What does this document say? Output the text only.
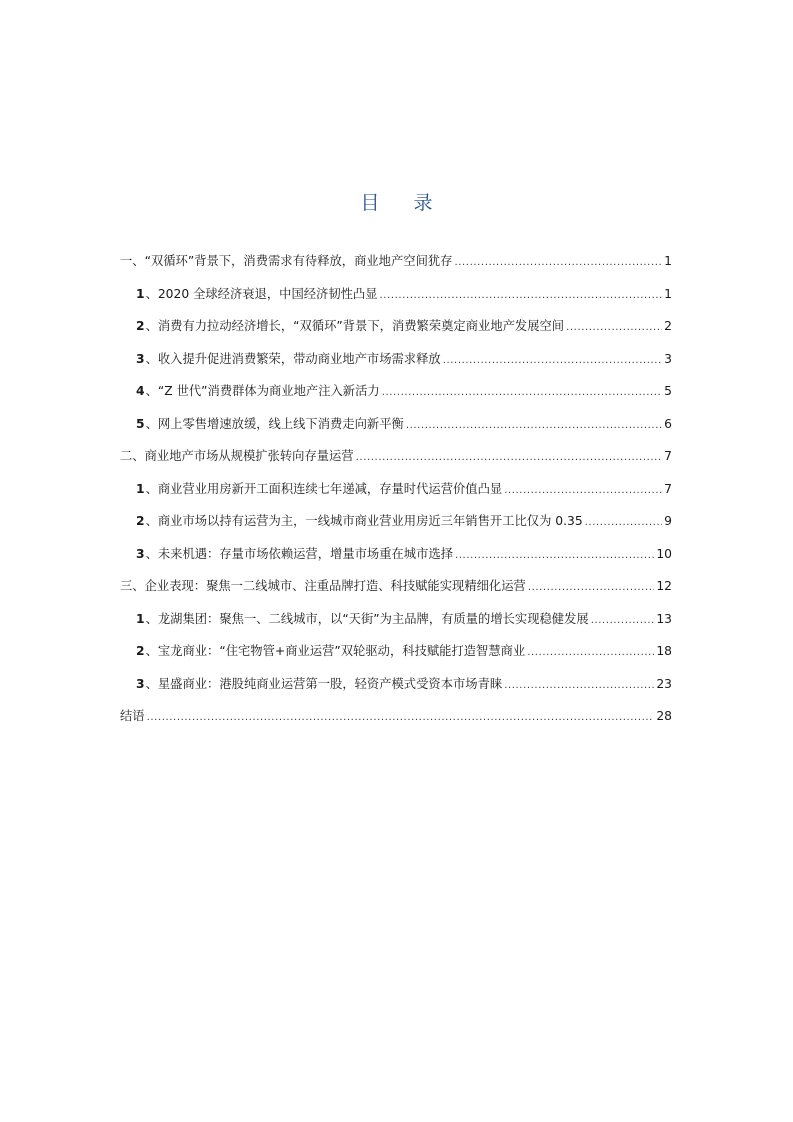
目 录
一、“双循环”背景下，消费需求有待释放，商业地产空间犹存 .....	1
1 、2020 全球经济衰退，中国经济韧性凸显 .....	1
2 、消费有力拉动经济增长，“双循环”背景下，消费繁荣奠定商业地产发展空间 .....	2
3 、收入提升促进消费繁荣，带动商业地产市场需求释放 .....	3
4 、“Z 世代”消费群体为商业地产注入新活力 .....	5
5 、网上零售增速放缓，线上线下消费走向新平衡 .....	6
二、商业地产市场从规模扩张转向存量运营 .....	7
1 、商业营业用房新开工面积连续七年递减，存量时代运营价值凸显 .....	7
2 、商业市场以持有运营为主，一线城市商业营业用房近三年销售开工比仅为 0.35 .....	9
3 、未来机遇：存量市场依赖运营，增量市场重在城市选择 .....	10
三、企业表现：聚焦一二线城市、注重品牌打造、科技赋能实现精细化运营 .....	12
1 、龙湖集团：聚焦一、二线城市，以“天街”为主品牌，有质量的增长实现稳健发展 .....	13
2 、宝龙商业：“住宅物管+商业运营”双轮驱动，科技赋能打造智慧商业 .....	18
3 、星盛商业：港股纯商业运营第一股，轻资产模式受资本市场青睐 .....	23
结语 .....	28
